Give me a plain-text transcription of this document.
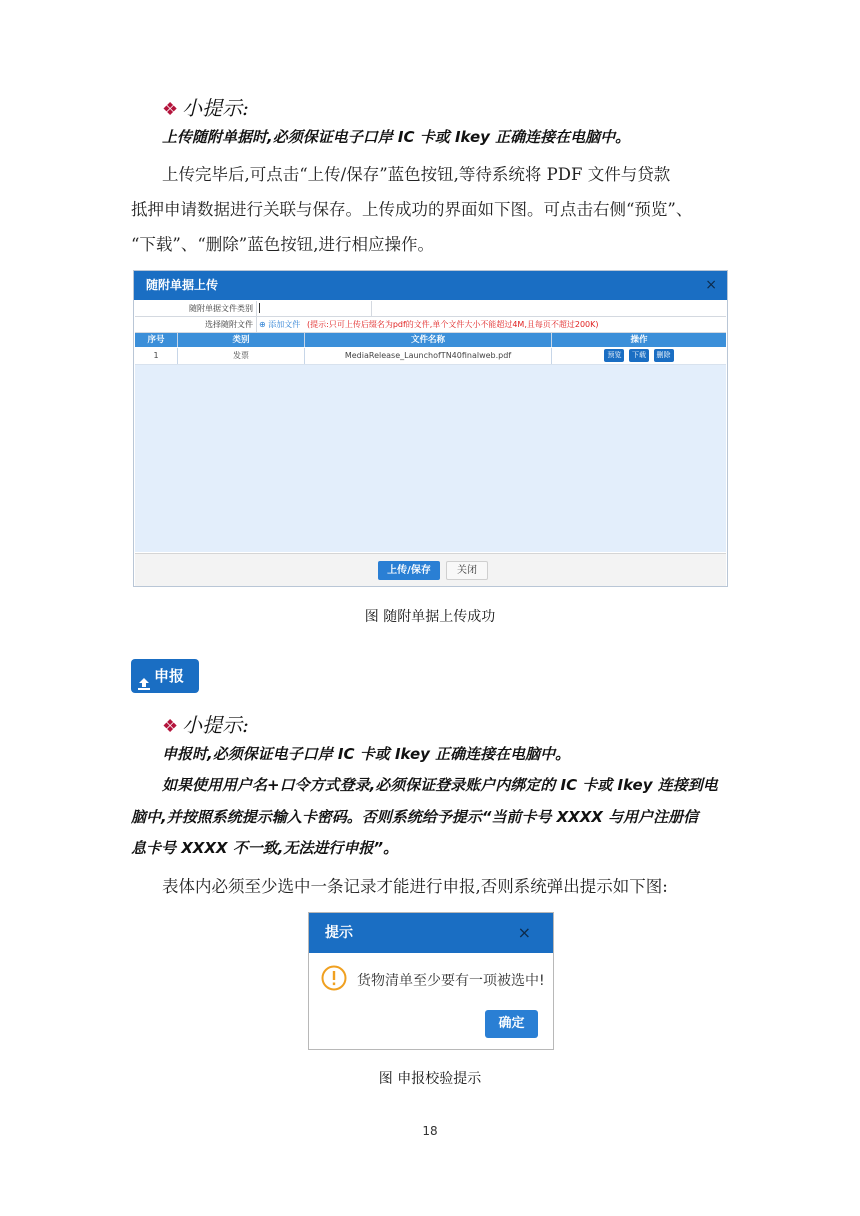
❖ 小提示:
上传随附单据时,必须保证电子口岸 IC 卡或 Ikey 正确连接在电脑中。
上传完毕后,可点击“上传/保存”蓝色按钮,等待系统将 PDF 文件与贷款
抵押申请数据进行关联与保存。上传成功的界面如下图。可点击右侧“预览”、
“下载”、“删除”蓝色按钮,进行相应操作。
随附单据上传	×
随附单据文件类别
选择随附文件 ⊕ 添加文件 (提示:只可上传后缀名为pdf的文件,单个文件大小不能超过4M,且每页不超过200K)
序号	类别	文件名称	操作
1	发票	MediaRelease_LaunchofTN40finalweb.pdf	预览 下载 删除
上传/保存	关闭
图 随附单据上传成功
申报
❖ 小提示:
申报时,必须保证电子口岸 IC 卡或 Ikey 正确连接在电脑中。
如果使用用户名+口令方式登录,必须保证登录账户内绑定的 IC 卡或 Ikey 连接到电
脑中,并按照系统提示输入卡密码。否则系统给予提示“当前卡号 XXXX 与用户注册信
息卡号 XXXX 不一致,无法进行申报”。
表体内必须至少选中一条记录才能进行申报,否则系统弹出提示如下图:
提示	×
货物清单至少要有一项被选中!
确定
图 申报校验提示
18
